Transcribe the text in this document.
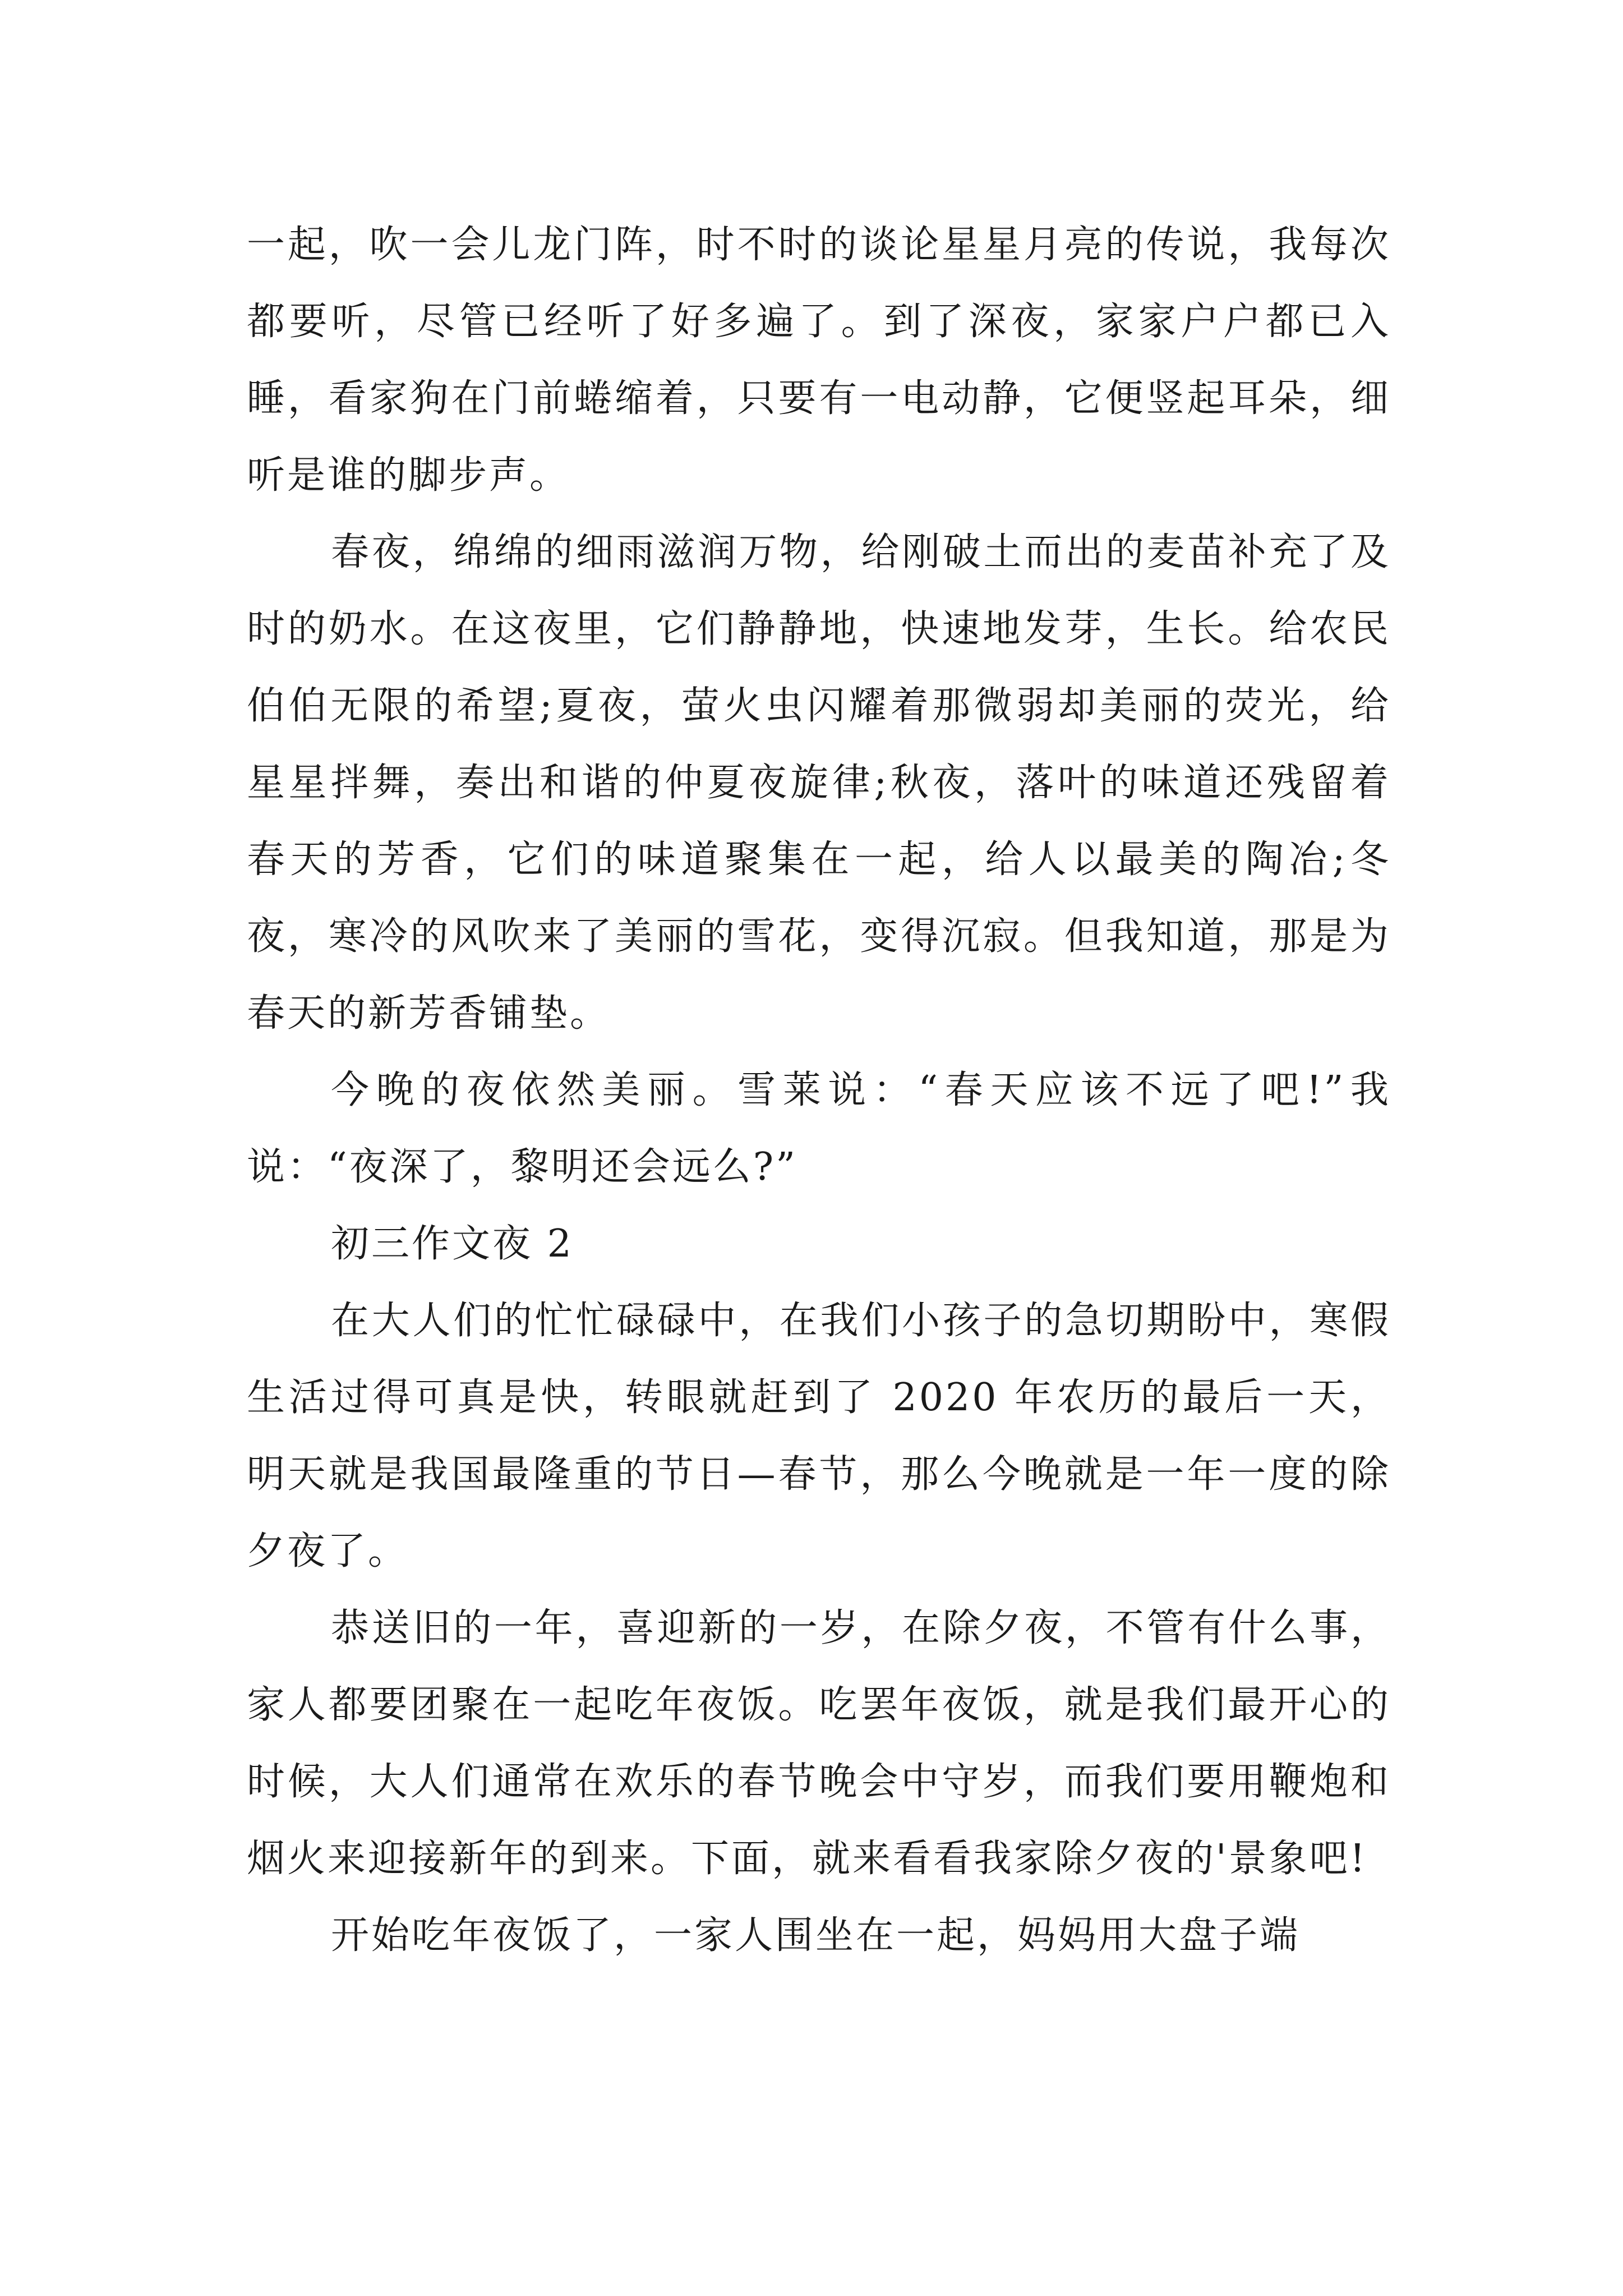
一起，吹一会儿龙门阵，时不时的谈论星星月亮的传说，我每次都要听，尽管已经听了好多遍了。到了深夜，家家户户都已入睡，看家狗在门前蜷缩着，只要有一电动静，它便竖起耳朵，细听是谁的脚步声。

春夜，绵绵的细雨滋润万物，给刚破土而出的麦苗补充了及时的奶水。在这夜里，它们静静地，快速地发芽，生长。给农民伯伯无限的希望;夏夜，萤火虫闪耀着那微弱却美丽的荧光，给星星拌舞，奏出和谐的仲夏夜旋律;秋夜，落叶的味道还残留着春天的芳香，它们的味道聚集在一起，给人以最美的陶冶;冬夜，寒冷的风吹来了美丽的雪花，变得沉寂。但我知道，那是为春天的新芳香铺垫。

今晚的夜依然美丽。雪莱说：“春天应该不远了吧!”我说：“夜深了，黎明还会远么?”

初三作文夜 2

在大人们的忙忙碌碌中，在我们小孩子的急切期盼中，寒假生活过得可真是快，转眼就赶到了 2020 年农历的最后一天，明天就是我国最隆重的节日—春节，那么今晚就是一年一度的除夕夜了。

恭送旧的一年，喜迎新的一岁，在除夕夜，不管有什么事，家人都要团聚在一起吃年夜饭。吃罢年夜饭，就是我们最开心的时候，大人们通常在欢乐的春节晚会中守岁，而我们要用鞭炮和烟火来迎接新年的到来。下面，就来看看我家除夕夜的'景象吧!

开始吃年夜饭了，一家人围坐在一起，妈妈用大盘子端
